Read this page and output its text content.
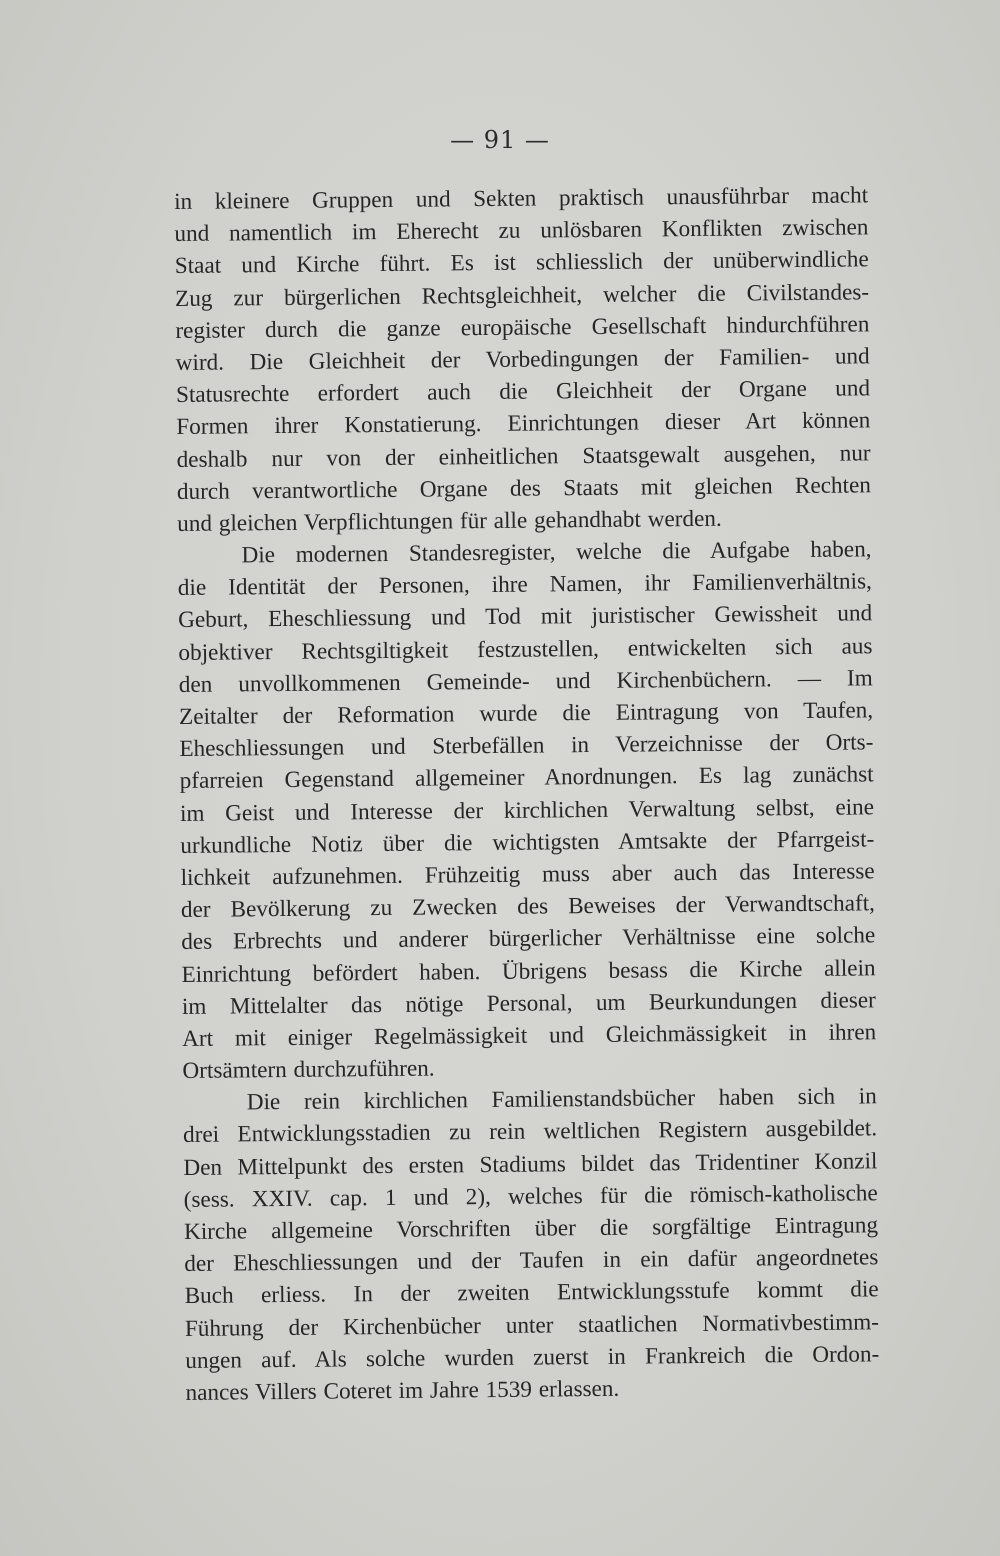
— 91 —
in kleinere Gruppen und Sekten praktisch unausführbar macht
und namentlich im Eherecht zu unlösbaren Konflikten zwischen
Staat und Kirche führt. Es ist schliesslich der unüberwindliche
Zug zur bürgerlichen Rechtsgleichheit, welcher die Civilstandes-
register durch die ganze europäische Gesellschaft hindurchführen
wird. Die Gleichheit der Vorbedingungen der Familien- und
Statusrechte erfordert auch die Gleichheit der Organe und
Formen ihrer Konstatierung. Einrichtungen dieser Art können
deshalb nur von der einheitlichen Staatsgewalt ausgehen, nur
durch verantwortliche Organe des Staats mit gleichen Rechten
und gleichen Verpflichtungen für alle gehandhabt werden.
Die modernen Standesregister, welche die Aufgabe haben,
die Identität der Personen, ihre Namen, ihr Familienverhältnis,
Geburt, Eheschliessung und Tod mit juristischer Gewissheit und
objektiver Rechtsgiltigkeit festzustellen, entwickelten sich aus
den unvollkommenen Gemeinde- und Kirchenbüchern. — Im
Zeitalter der Reformation wurde die Eintragung von Taufen,
Eheschliessungen und Sterbefällen in Verzeichnisse der Orts-
pfarreien Gegenstand allgemeiner Anordnungen. Es lag zunächst
im Geist und Interesse der kirchlichen Verwaltung selbst, eine
urkundliche Notiz über die wichtigsten Amtsakte der Pfarrgeist-
lichkeit aufzunehmen. Frühzeitig muss aber auch das Interesse
der Bevölkerung zu Zwecken des Beweises der Verwandtschaft,
des Erbrechts und anderer bürgerlicher Verhältnisse eine solche
Einrichtung befördert haben. Übrigens besass die Kirche allein
im Mittelalter das nötige Personal, um Beurkundungen dieser
Art mit einiger Regelmässigkeit und Gleichmässigkeit in ihren
Ortsämtern durchzuführen.
Die rein kirchlichen Familienstandsbücher haben sich in
drei Entwicklungsstadien zu rein weltlichen Registern ausgebildet.
Den Mittelpunkt des ersten Stadiums bildet das Tridentiner Konzil
(sess. XXIV. cap. 1 und 2), welches für die römisch-katholische
Kirche allgemeine Vorschriften über die sorgfältige Eintragung
der Eheschliessungen und der Taufen in ein dafür angeordnetes
Buch erliess. In der zweiten Entwicklungsstufe kommt die
Führung der Kirchenbücher unter staatlichen Normativbestimm-
ungen auf. Als solche wurden zuerst in Frankreich die Ordon-
nances Villers Coteret im Jahre 1539 erlassen.
